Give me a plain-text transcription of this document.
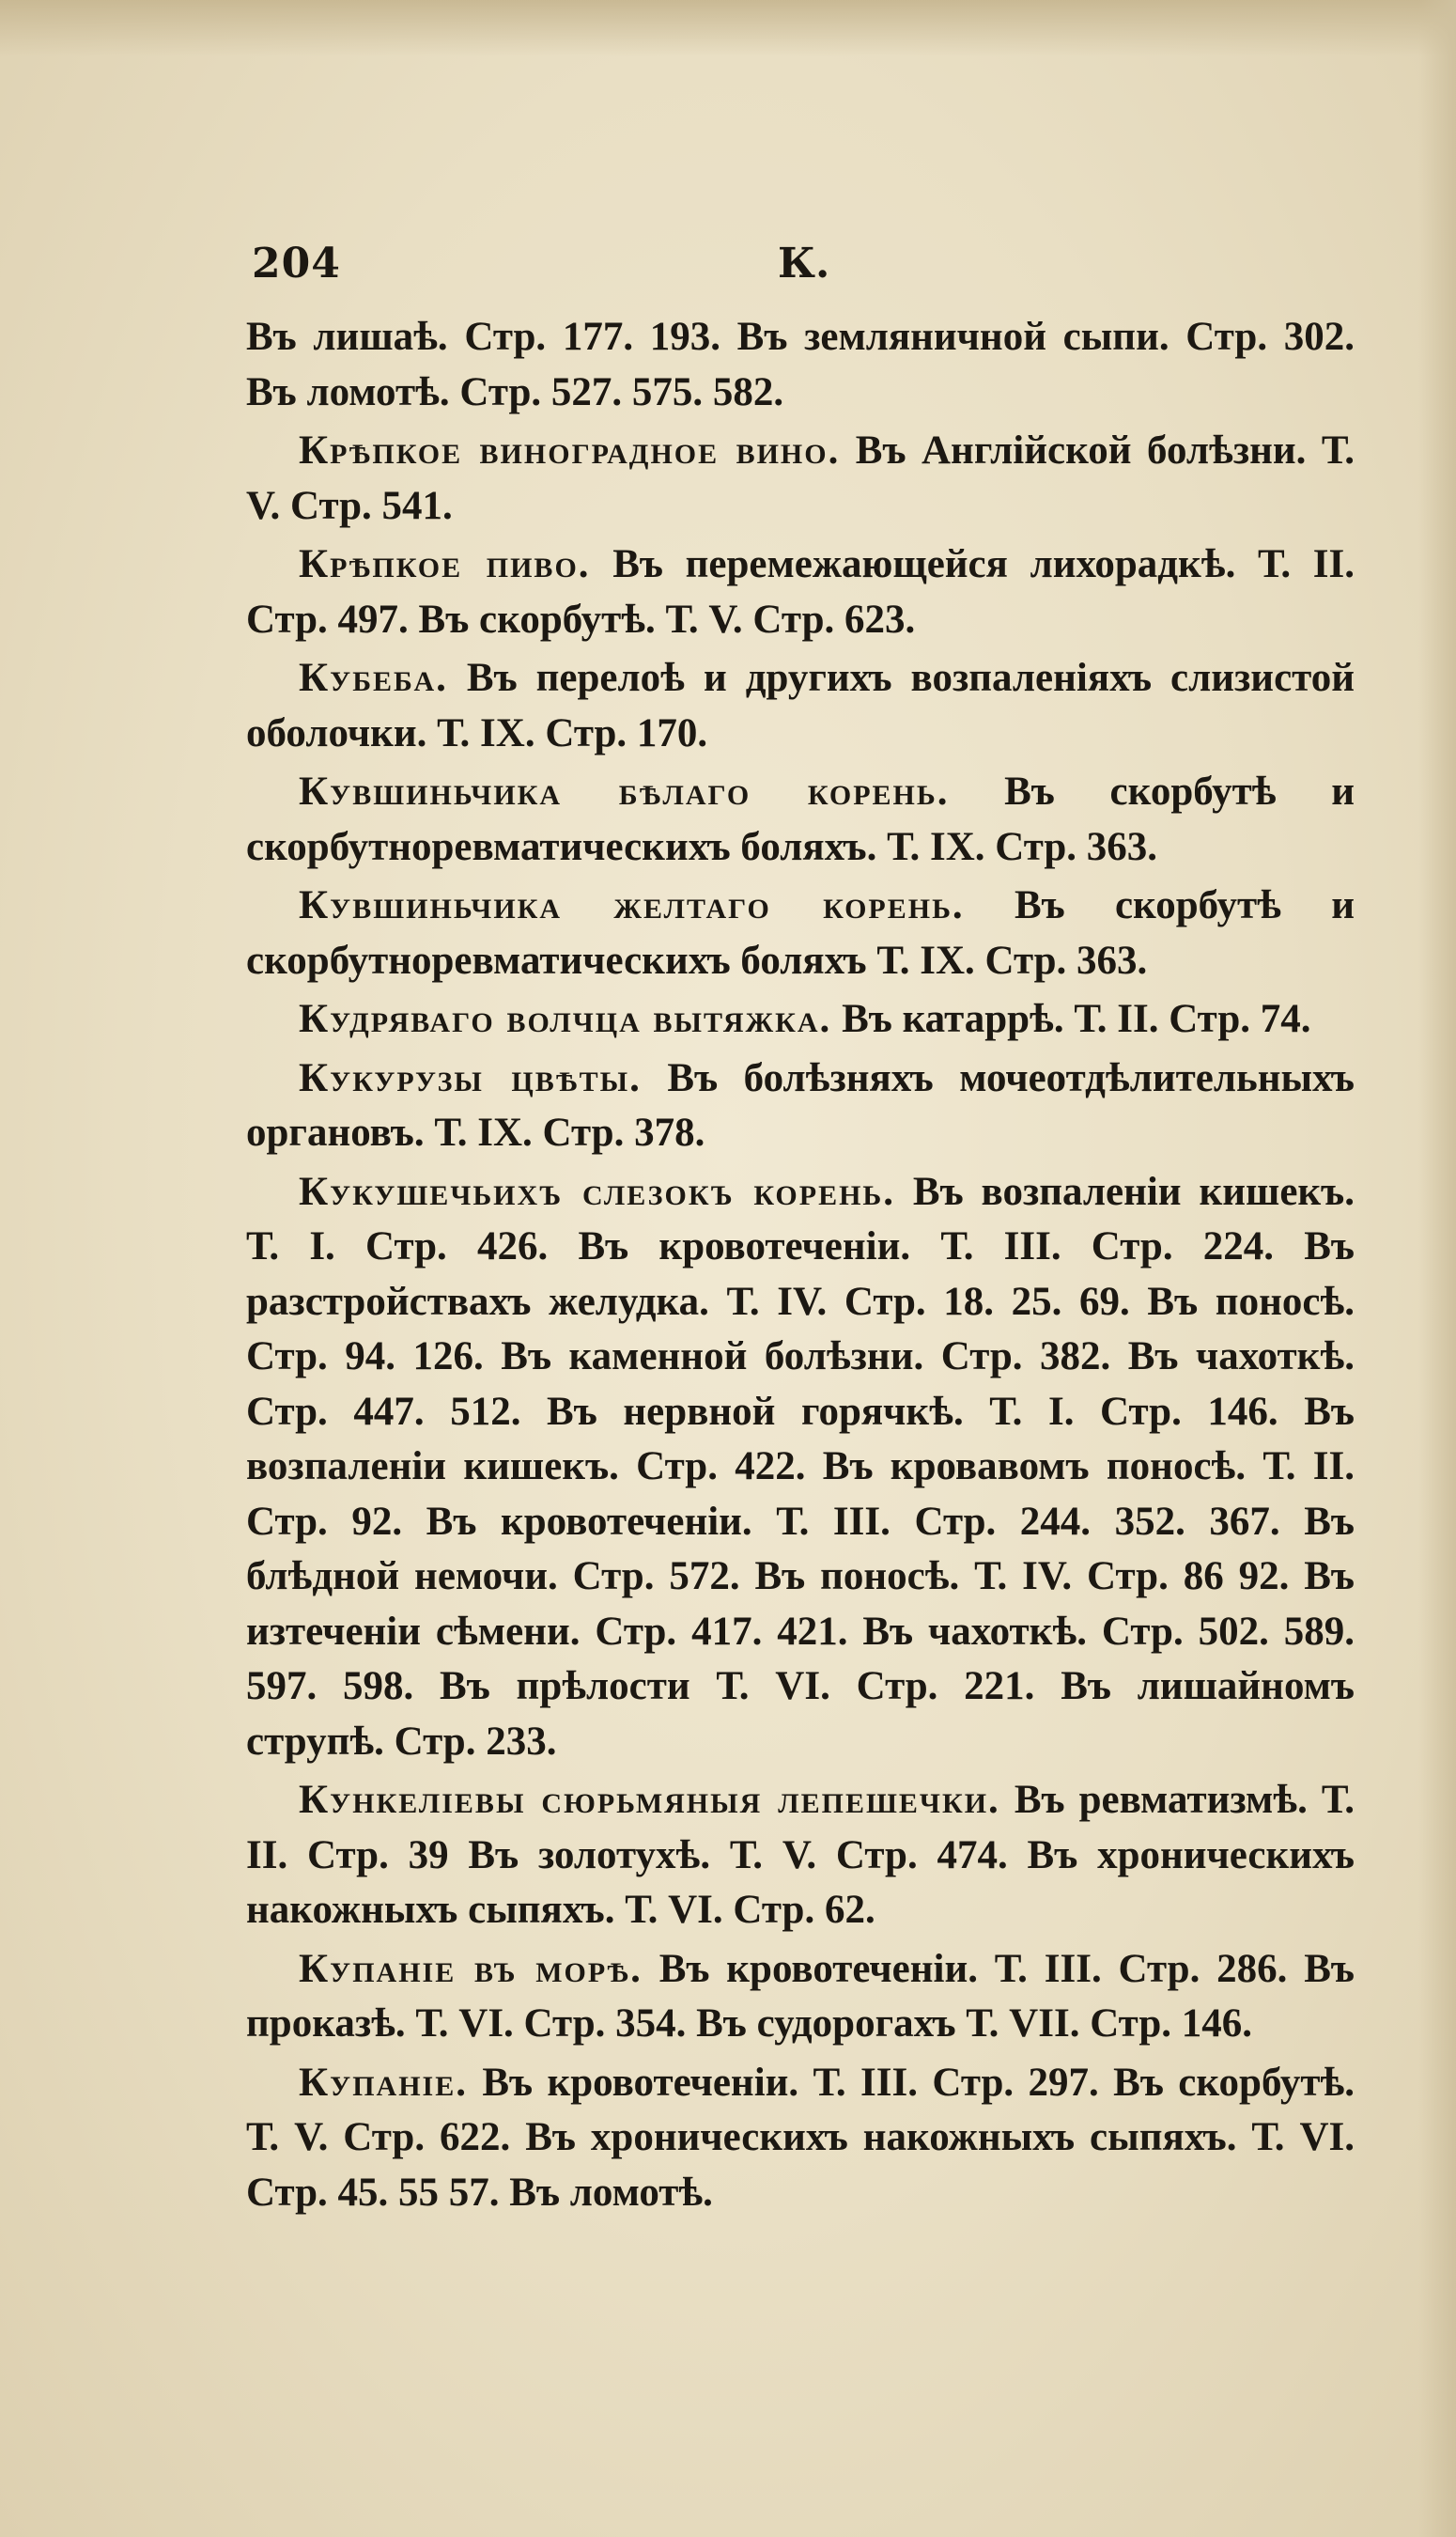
204	К.

Въ лишаѣ. Стр. 177. 193. Въ земляничной сыпи. Стр. 302. Въ ломотѣ. Стр. 527. 575. 582.

Крѣпкое виноградное вино. Въ Англійской болѣзни. Т. V. Стр. 541.

Крѣпкое пиво. Въ перемежающейся лихорадкѣ. Т. II. Стр. 497. Въ скорбутѣ. Т. V. Стр. 623.

Кубеба. Въ перелоѣ и другихъ возпаленіяхъ слизистой оболочки. Т. IX. Стр. 170.

Кувшиньчика бѣлаго корень. Въ скорбутѣ и скорбутноревматическихъ боляхъ. Т. IX. Стр. 363.

Кувшиньчика желтаго корень. Въ скорбутѣ и скорбутноревматическихъ боляхъ Т. IX. Стр. 363.

Кудряваго волчца вытяжка. Въ катаррѣ. Т. II. Стр. 74.

Кукурузы цвѣты. Въ болѣзняхъ мочеотдѣлительныхъ органовъ. Т. IX. Стр. 378.

Кукушечьихъ слезокъ корень. Въ возпаленіи кишекъ. Т. I. Стр. 426. Въ кровотеченіи. Т. III. Стр. 224. Въ разстройствахъ желудка. Т. IV. Стр. 18. 25. 69. Въ поносѣ. Стр. 94. 126. Въ каменной болѣзни. Стр. 382. Въ чахоткѣ. Стр. 447. 512. Въ нервной горячкѣ. Т. I. Стр. 146. Въ возпаленіи кишекъ. Стр. 422. Въ кровавомъ поносѣ. Т. II. Стр. 92. Въ кровотеченіи. Т. III. Стр. 244. 352. 367. Въ блѣдной немочи. Стр. 572. Въ поносѣ. Т. IV. Стр. 86 92. Въ изтеченіи сѣмени. Стр. 417. 421. Въ чахоткѣ. Стр. 502. 589. 597. 598. Въ прѣлости Т. VI. Стр. 221. Въ лишайномъ струпѣ. Стр. 233.

Кункеліевы сюрьмяныя лепешечки. Въ ревматизмѣ. Т. II. Стр. 39 Въ золотухѣ. Т. V. Стр. 474. Въ хроническихъ накожныхъ сыпяхъ. Т. VI. Стр. 62.

Купаніе въ морѣ. Въ кровотеченіи. Т. III. Стр. 286. Въ проказѣ. Т. VI. Стр. 354. Въ судорогахъ Т. VII. Стр. 146.

Купаніе. Въ кровотеченіи. Т. III. Стр. 297. Въ скорбутѣ. Т. V. Стр. 622. Въ хроническихъ накожныхъ сыпяхъ. Т. VI. Стр. 45. 55 57. Въ ломотѣ.
